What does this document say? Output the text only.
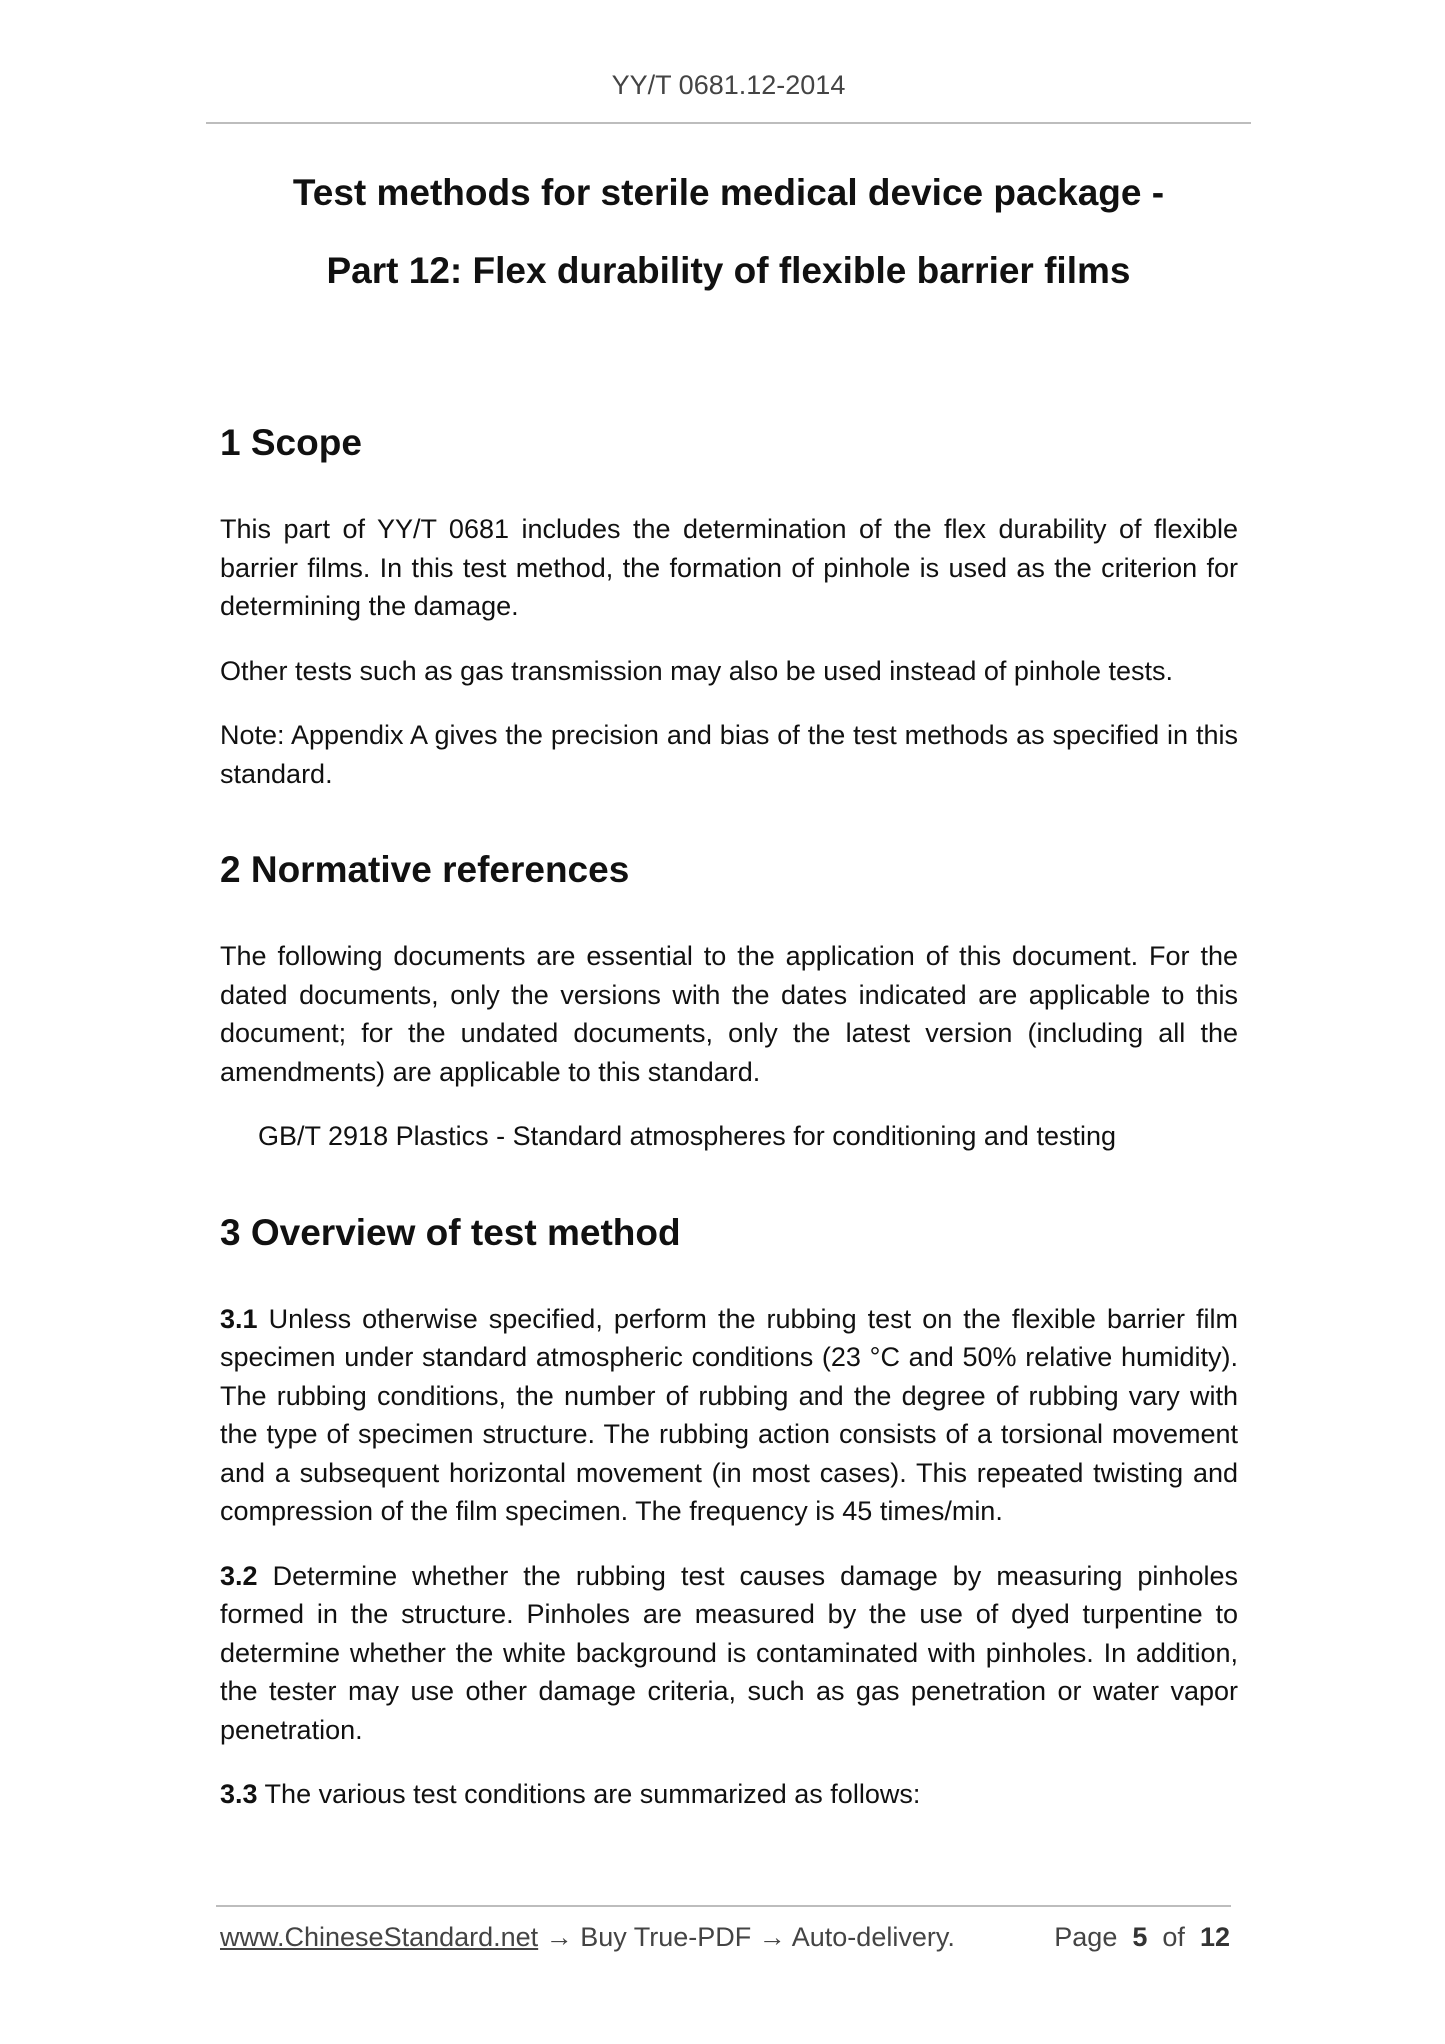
YY/T 0681.12-2014
Test methods for sterile medical device package -
Part 12: Flex durability of flexible barrier films
1 Scope

This part of YY/T 0681 includes the determination of the flex durability of flexible barrier films. In this test method, the formation of pinhole is used as the criterion for determining the damage.

Other tests such as gas transmission may also be used instead of pinhole tests.

Note: Appendix A gives the precision and bias of the test methods as specified in this standard.

2 Normative references

The following documents are essential to the application of this document. For the dated documents, only the versions with the dates indicated are applicable to this document; for the undated documents, only the latest version (including all the amendments) are applicable to this standard.

GB/T 2918 Plastics - Standard atmospheres for conditioning and testing

3 Overview of test method

3.1 Unless otherwise specified, perform the rubbing test on the flexible barrier film specimen under standard atmospheric conditions (23 °C and 50% relative humidity). The rubbing conditions, the number of rubbing and the degree of rubbing vary with the type of specimen structure. The rubbing action consists of a torsional movement and a subsequent horizontal movement (in most cases). This repeated twisting and compression of the film specimen. The frequency is 45 times/min.

3.2 Determine whether the rubbing test causes damage by measuring pinholes formed in the structure. Pinholes are measured by the use of dyed turpentine to determine whether the white background is contaminated with pinholes. In addition, the tester may use other damage criteria, such as gas penetration or water vapor penetration.

3.3 The various test conditions are summarized as follows:

www.ChineseStandard.net → Buy True-PDF → Auto-delivery.	Page 5 of 12
